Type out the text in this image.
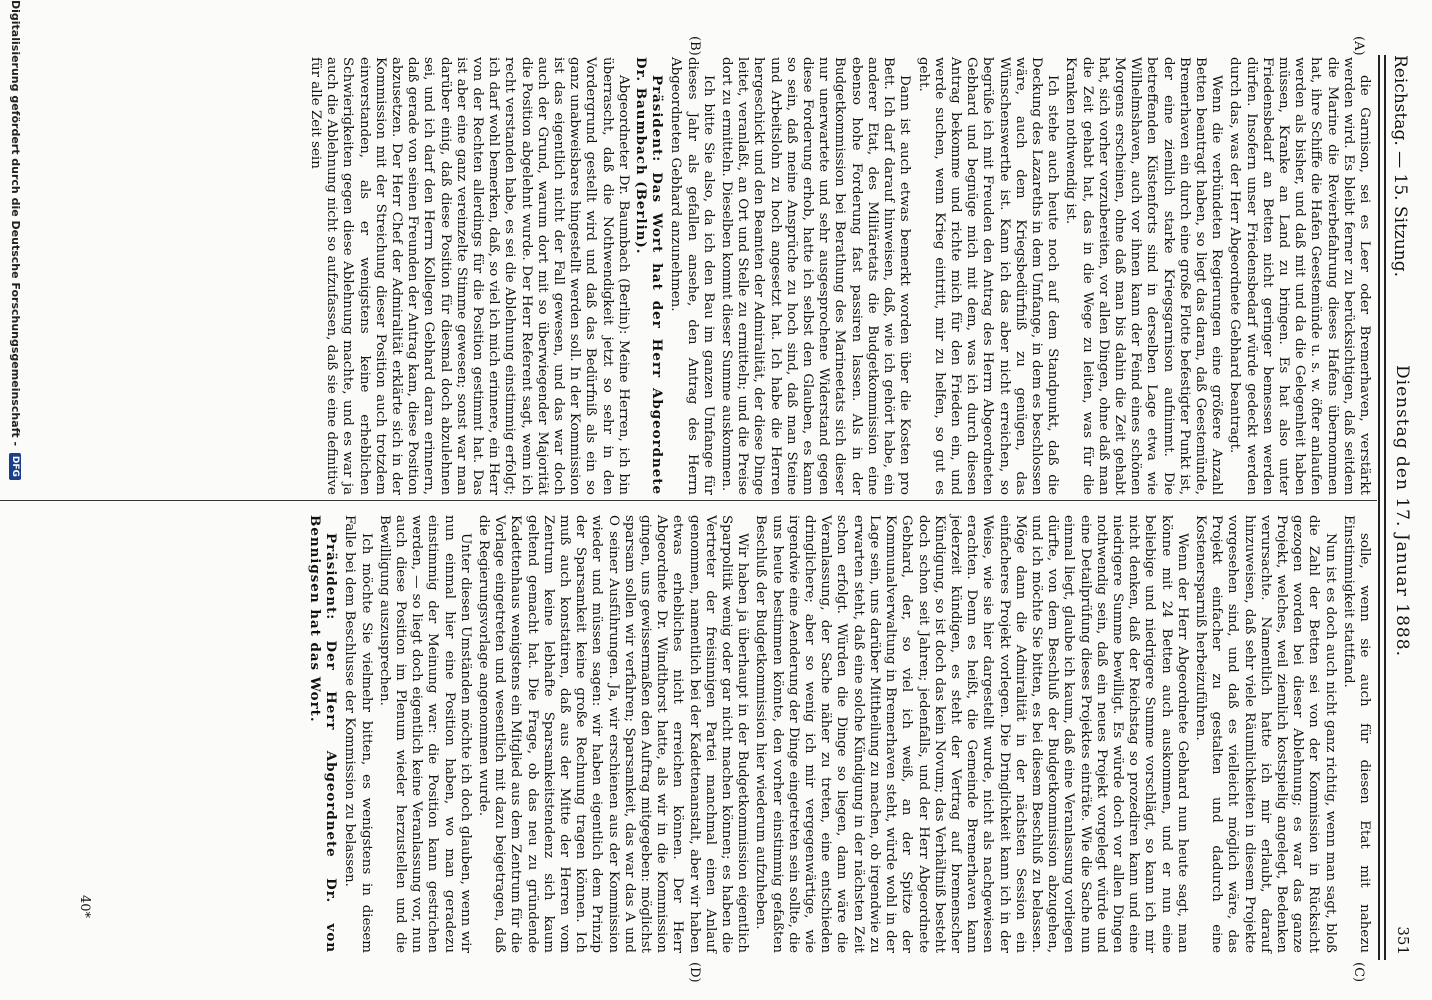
Reichstag. — 15. Sitzung.
Dienstag den 17. Januar 1888.
351
(A)
(B)
(C)
(D)

die Garnison, sei es Leer oder Bremerhaven, verstärkt werden wird. Es bleibt ferner zu berücksichtigen, daß seitdem die Marine die Revierbefahrung dieses Hafens übernommen hat, ihre Schiffe die Hafen Geestemünde u. s. w. öfter anlaufen werden als bisher, und daß mit und da die Gelegenheit haben müssen, Kranke an Land zu bringen. Es hat also unter Friedensbedarf an Betten nicht geringer bemessen werden dürfen. Insofern unser Friedensbedarf würde gedeckt werden durch das, was der Herr Abgeordnete Gebhard beantragt.

Wenn die verbündeten Regierungen eine größere Anzahl Betten beantragt haben, so liegt das daran, daß Geestemünde, Bremerhaven ein durch eine große Flotte befestigter Punkt ist, der eine ziemlich starke Kriegsgarnison aufnimmt. Die betreffenden Küstenforts sind in derselben Lage etwa wie Wilhelmshaven, auch vor ihnen kann der Feind eines schönen Morgens erscheinen, ohne daß man bis dahin die Zeit gehabt hat, sich vorher vorzubereiten, vor allen Dingen, ohne daß man die Zeit gehabt hat, das in die Wege zu leiten, was für die Kranken nothwendig ist.

Ich stehe auch heute noch auf dem Standpunkt, daß die Deckung des Lazareths in dem Umfange, in dem es beschlossen wäre, auch dem Kriegsbedürfniß zu genügen, das Wünschenswerthe ist. Kann ich das aber nicht erreichen, so begrüße ich mit Freuden den Antrag des Herrn Abgeordneten Gebhard und begnüge mich mit dem, was ich durch diesen Antrag bekomme und richte mich für den Frieden ein, und werde suchen, wenn Krieg eintritt, mir zu helfen, so gut es geht.

Dann ist auch etwas bemerkt worden über die Kosten pro Bett. Ich darf darauf hinweisen, daß, wie ich gehört habe, ein anderer Etat, des Militäretats die Budgetkommission eine ebenso hohe Forderung fast passiren lassen. Als in der Budgetkommission bei Berathung des Marineetats sich dieser nur unerwartete und sehr ausgesprochene Widerstand gegen diese Forderung erhob, hatte ich selbst den Glauben, es kann so sein, daß meine Ansprüche zu hoch sind, daß man Steine und Arbeitslohn zu hoch angesetzt hat. Ich habe die Herren hergeschickt und den Beamten der Admiralität, der diese Dinge leitet, veranlaßt, an Ort und Stelle zu ermitteln; und die Preise dort zu ermitteln. Dieselben kommt dieser Summe auskommen.

Ich bitte Sie also, da ich den Bau im ganzen Umfange für dieses Jahr als gefallen ansehe, den Antrag des Herrn Abgeordneten Gebhard anzunehmen.

Präsident: Das Wort hat der Herr Abgeordnete Dr. Baumbach (Berlin).

Abgeordneter Dr. Baumbach (Berlin): Meine Herren, ich bin überrascht, daß die Nothwendigkeit jetzt so sehr in den Vordergrund gestellt wird und daß das Bedürfniß als ein so ganz unabweisbares hingestellt werden soll. In der Kommission ist das eigentlich nicht der Fall gewesen, und das war doch auch der Grund, warum dort mit so überwiegender Majorität die Position abgelehnt wurde. Der Herr Referent sagt, wenn ich recht verstanden habe, es sei die Ablehnung einstimmig erfolgt; ich darf wohl bemerken, daß, so viel ich mich erinnere, ein Herr von der Rechten allerdings für die Position gestimmt hat. Das ist aber eine ganz vereinzelte Stimme gewesen; sonst war man darüber einig, daß diese Position für diesmal doch abzulehnen sei, und ich darf den Herrn Kollegen Gebhard daran erinnern, daß gerade von seinen Freunden der Antrag kam, diese Position abzusetzen. Der Herr Chef der Admiralität erklärte sich in der Kommission mit der Streichung dieser Position auch trotzdem einverstanden, als er wenigstens keine erheblichen Schwierigkeiten gegen diese Ablehnung machte, und es war ja auch die Ablehnung nicht so aufzufassen, daß sie eine definitive für alle Zeit sein

solle, wenn sie auch für diesen Etat mit nahezu Einstimmigkeit stattfand.

Nun ist es doch auch nicht ganz richtig, wenn man sagt, bloß die Zahl der Betten sei von der Kommission in Rücksicht gezogen worden bei dieser Ablehnung; es war das ganze Projekt, welches, weil ziemlich kostspielig angelegt, Bedenken verursachte. Namentlich hatte ich mir erlaubt, darauf hinzuweisen, daß sehr viele Räumlichkeiten in diesem Projekte vorgesehen sind, und daß es vielleicht möglich wäre, das Projekt einfacher zu gestalten und dadurch eine Kostenersparniß herbeizuführen.

Wenn der Herr Abgeordnete Gebhard nun heute sagt, man könne mit 24 Betten auch auskommen, und er nun eine beliebige und niedrigere Summe vorschlägt, so kann ich mir nicht denken, daß der Reichstag so prozediren kann und eine niedrigere Summe bewilligt. Es würde doch vor allen Dingen nothwendig sein, daß ein neues Projekt vorgelegt würde und eine Detailprüfung dieses Projektes einträte. Wie die Sache nun einmal liegt, glaube ich kaum, daß eine Veranlassung vorliegen dürfte, von dem Beschluß der Budgetkommission abzugehen, und ich möchte Sie bitten, es bei diesem Beschluß zu belassen. Möge dann die Admiralität in der nächsten Session ein einfacheres Projekt vorlegen. Die Dringlichkeit kann ich in der Weise, wie sie hier dargestellt wurde, nicht als nachgewiesen erachten. Denn es heißt, die Gemeinde Bremerhaven kann jederzeit kündigen, es steht der Vertrag auf bremenscher Kündigung, so ist doch das kein Novum; das Verhältniß besteht doch schon seit Jahren; jedenfalls, und der Herr Abgeordnete Gebhard, der, so viel ich weiß, an der Spitze der Kommunalverwaltung in Bremerhaven steht, würde wohl in der Lage sein, uns darüber Mittheilung zu machen, ob irgendwie zu erwarten steht, daß eine solche Kündigung in der nächsten Zeit schon erfolgt. Würden die Dinge so liegen, dann wäre die Veranlassung, der Sache näher zu treten, eine entschieden dringlichere; aber so wenig ich mir vergegenwärtige, wie irgendwie eine Aenderung der Dinge eingetreten sein sollte, die uns heute bestimmen könnte, den vorher einstimmig gefaßten Beschluß der Budgetkommission hier wiederum aufzuheben.

Wir haben ja überhaupt in der Budgetkommission eigentlich Sparpolitik wenig oder gar nicht machen können; es haben die Vertreter der freisinnigen Partei manchmal einen Anlauf genommen, namentlich bei der Kadettenanstalt, aber wir haben etwas erhebliches nicht erreichen können. Der Herr Abgeordnete Dr. Windthorst hatte, als wir in die Kommission gingen, uns gewissermaßen den Auftrag mitgegeben: möglichst sparsam sollen wir verfahren; Sparsamkeit, das war das A und O seiner Ausführungen. Ja, wir erschienen aus der Kommission wieder und müssen sagen: wir haben eigentlich dem Prinzip der Sparsamkeit keine große Rechnung tragen können. Ich muß auch konstatiren, daß aus der Mitte der Herren vom Zentrum keine lebhafte Sparsamkeitstendenz sich kaum geltend gemacht hat. Die Frage, ob das neu zu gründende Kadettenhaus wenigstens ein Mitglied aus dem Zentrum für die Vorlage eingetreten und wesentlich mit dazu beigetragen, daß die Regierungsvorlage angenommen wurde.

Unter diesen Umständen möchte ich doch glauben, wenn wir nun einmal hier eine Position haben, wo man geradezu einstimmig der Meinung war: die Position kann gestrichen werden, — so liegt doch eigentlich keine Veranlassung vor, nun auch diese Position im Plenum wieder herzustellen und die Bewilligung auszusprechen.

Ich möchte Sie vielmehr bitten, es wenigstens in diesem Falle bei dem Beschlusse der Kommission zu belassen.

Präsident: Der Herr Abgeordnete Dr. von Bennigsen hat das Wort.

40*
Digitalisierung gefördert durch die Deutsche Forschungsgemeinschaft - DFG
